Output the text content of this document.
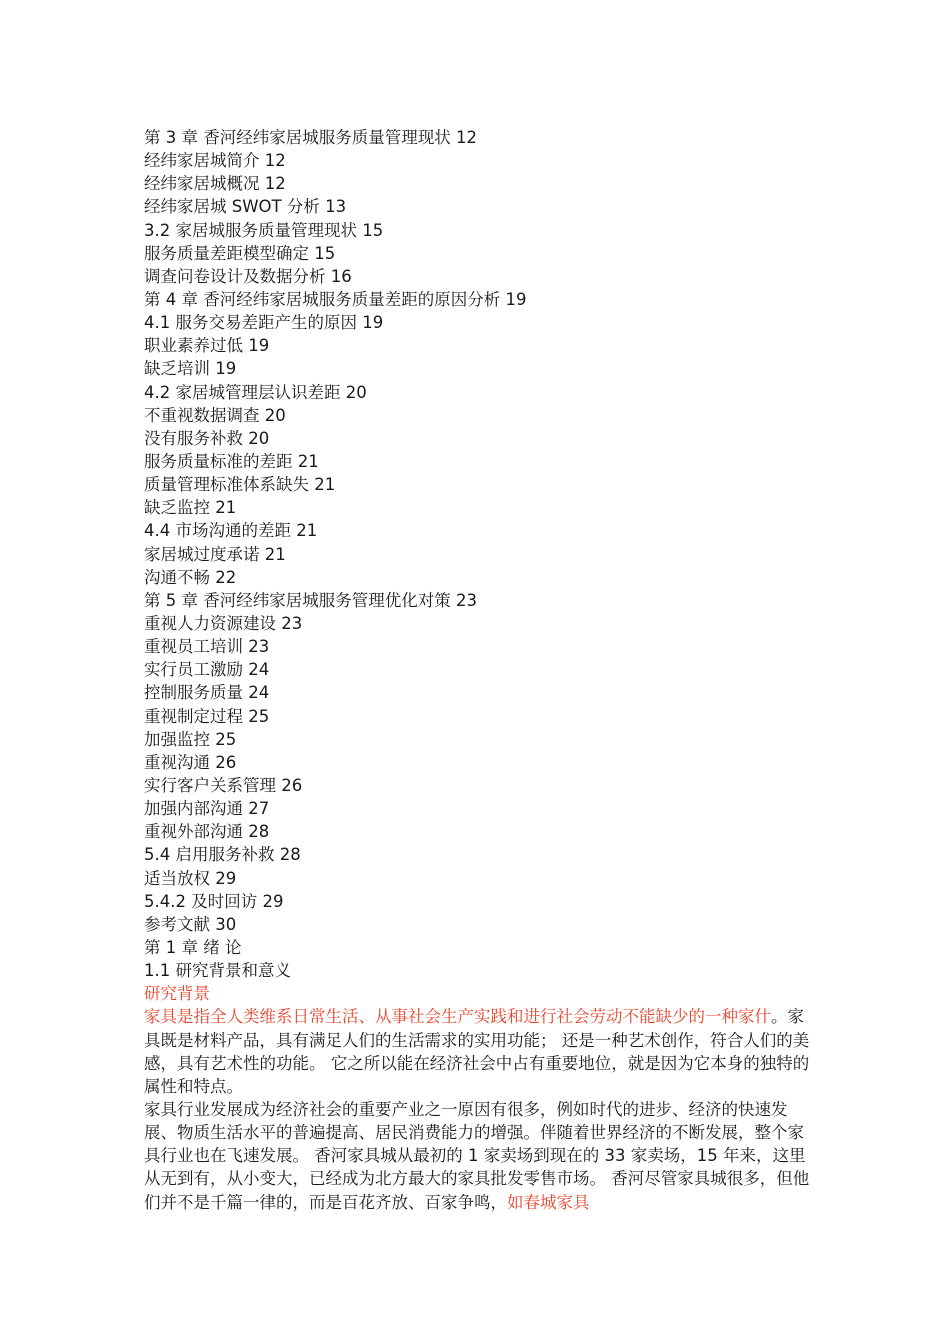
第 3 章 香河经纬家居城服务质量管理现状 12
经纬家居城简介 12
经纬家居城概况 12
经纬家居城 SWOT 分析 13
3.2 家居城服务质量管理现状 15
服务质量差距模型确定 15
调查问卷设计及数据分析 16
第 4 章 香河经纬家居城服务质量差距的原因分析 19
4.1 服务交易差距产生的原因 19
职业素养过低 19
缺乏培训 19
4.2 家居城管理层认识差距 20
不重视数据调查 20
没有服务补救 20
服务质量标准的差距 21
质量管理标准体系缺失 21
缺乏监控 21
4.4 市场沟通的差距 21
家居城过度承诺 21
沟通不畅 22
第 5 章 香河经纬家居城服务管理优化对策 23
重视人力资源建设 23
重视员工培训 23
实行员工激励 24
控制服务质量 24
重视制定过程 25
加强监控 25
重视沟通 26
实行客户关系管理 26
加强内部沟通 27
重视外部沟通 28
5.4 启用服务补救 28
适当放权 29
5.4.2 及时回访 29
参考文献 30
第 1 章 绪 论
1.1 研究背景和意义
研究背景

家具是指全人类维系日常生活、从事社会生产实践和进行社会劳动不能缺少的一种家什。家具既是材料产品，具有满足人们的生活需求的实用功能； 还是一种艺术创作，符合人们的美感，具有艺术性的功能。 它之所以能在经济社会中占有重要地位，就是因为它本身的独特的属性和特点。

家具行业发展成为经济社会的重要产业之一原因有很多，例如时代的进步、经济的快速发展、物质生活水平的普遍提高、居民消费能力的增强。伴随着世界经济的不断发展，整个家具行业也在飞速发展。 香河家具城从最初的 1 家卖场到现在的 33 家卖场，15 年来，这里从无到有，从小变大，已经成为北方最大的家具批发零售市场。 香河尽管家具城很多，但他们并不是千篇一律的，而是百花齐放、百家争鸣，如春城家具
